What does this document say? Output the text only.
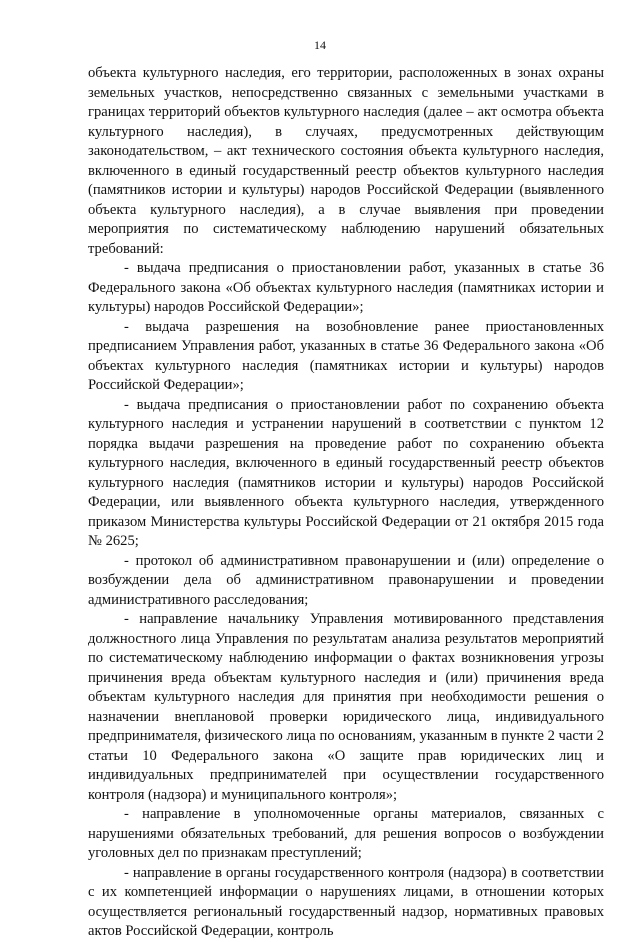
14

объекта культурного наследия, его территории, расположенных в зонах охраны земельных участков, непосредственно связанных с земельными участками в границах территорий объектов культурного наследия (далее – акт осмотра объекта культурного наследия), в случаях, предусмотренных действующим законодательством, – акт технического состояния объекта культурного наследия, включенного в единый государственный реестр объектов культурного наследия (памятников истории и культуры) народов Российской Федерации (выявленного объекта культурного наследия), а в случае выявления при проведении мероприятия по систематическому наблюдению нарушений обязательных требований:

- выдача предписания о приостановлении работ, указанных в статье 36 Федерального закона «Об объектах культурного наследия (памятниках истории и культуры) народов Российской Федерации»;

- выдача разрешения на возобновление ранее приостановленных предписанием Управления работ, указанных в статье 36 Федерального закона «Об объектах культурного наследия (памятниках истории и культуры) народов Российской Федерации»;

- выдача предписания о приостановлении работ по сохранению объекта культурного наследия и устранении нарушений в соответствии с пунктом 12 порядка выдачи разрешения на проведение работ по сохранению объекта культурного наследия, включенного в единый государственный реестр объектов культурного наследия (памятников истории и культуры) народов Российской Федерации, или выявленного объекта культурного наследия, утвержденного приказом Министерства культуры Российской Федерации от 21 октября 2015 года № 2625;

- протокол об административном правонарушении и (или) определение о возбуждении дела об административном правонарушении и проведении административного расследования;

- направление начальнику Управления мотивированного представления должностного лица Управления по результатам анализа результатов мероприятий по систематическому наблюдению информации о фактах возникновения угрозы причинения вреда объектам культурного наследия и (или) причинения вреда объектам культурного наследия для принятия при необходимости решения о назначении внеплановой проверки юридического лица, индивидуального предпринимателя, физического лица по основаниям, указанным в пункте 2 части 2 статьи 10 Федерального закона «О защите прав юридических лиц и индивидуальных предпринимателей при осуществлении государственного контроля (надзора) и муниципального контроля»;

- направление в уполномоченные органы материалов, связанных с нарушениями обязательных требований, для решения вопросов о возбуждении уголовных дел по признакам преступлений;

- направление в органы государственного контроля (надзора) в соответствии с их компетенцией информации о нарушениях лицами, в отношении которых осуществляется региональный государственный надзор, нормативных правовых актов Российской Федерации, контроль
